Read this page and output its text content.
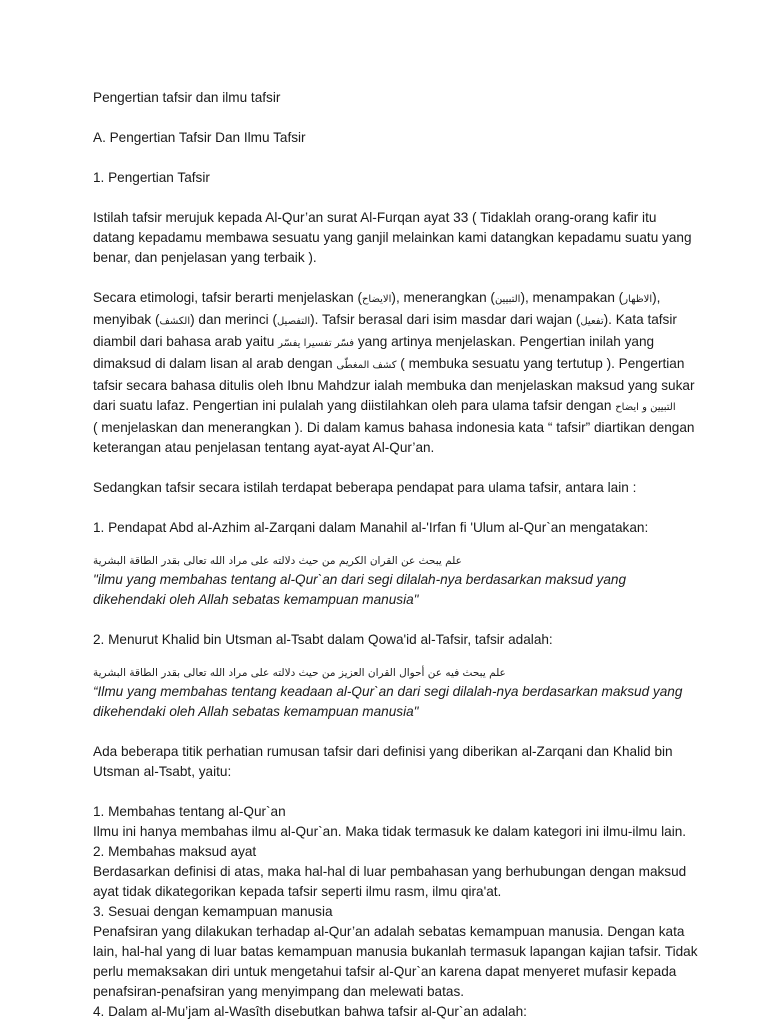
Pengertian tafsir dan ilmu tafsir

A. Pengertian Tafsir Dan Ilmu Tafsir

1. Pengertian Tafsir

Istilah tafsir merujuk kepada Al-Qur’an surat Al-Furqan ayat 33 ( Tidaklah orang-orang kafir itu
datang kepadamu membawa sesuatu yang ganjil melainkan kami datangkan kepadamu suatu yang
benar, dan penjelasan yang terbaik ).
Secara etimologi, tafsir berarti menjelaskan (الايضاح), menerangkan (التبيين), menampakan (الاظهار),
menyibak (الكشف) dan merinci (التفصيل). Tafsir berasal dari isim masdar dari wajan (تفعيل). Kata tafsir
diambil dari bahasa arab yaitu فسّر تفسيرا يفسّر yang artinya menjelaskan. Pengertian inilah yang
dimaksud di dalam lisan al arab dengan كشف المغطّى ( membuka sesuatu yang tertutup ). Pengertian
tafsir secara bahasa ditulis oleh Ibnu Mahdzur ialah membuka dan menjelaskan maksud yang sukar
dari suatu lafaz. Pengertian ini pulalah yang diistilahkan oleh para ulama tafsir dengan التبيين و ايضاح
( menjelaskan dan menerangkan ). Di dalam kamus bahasa indonesia kata “ tafsir” diartikan dengan
keterangan atau penjelasan tentang ayat-ayat Al-Qur’an.

Sedangkan tafsir secara istilah terdapat beberapa pendapat para ulama tafsir, antara lain :

1. Pendapat Abd al-Azhim al-Zarqani dalam Manahil al-'Irfan fi 'Ulum al-Qur`an mengatakan:

علم يبحث عن القران الكريم من حيث دلالته على مراد الله تعالى بقدر الطاقة البشرية

"ilmu yang membahas tentang al-Qur`an dari segi dilalah-nya berdasarkan maksud yang
dikehendaki oleh Allah sebatas kemampuan manusia"

2. Menurut Khalid bin Utsman al-Tsabt dalam Qowa'id al-Tafsir, tafsir adalah:

علم يبحث فيه عن أحوال القران العزيز من حيث دلالته على مراد الله تعالى بقدر الطاقة البشرية

“Ilmu yang membahas tentang keadaan al-Qur`an dari segi dilalah-nya berdasarkan maksud yang
dikehendaki oleh Allah sebatas kemampuan manusia"
Ada beberapa titik perhatian rumusan tafsir dari definisi yang diberikan al-Zarqani dan Khalid bin
Utsman al-Tsabt, yaitu:
1. Membahas tentang al-Qur`an
Ilmu ini hanya membahas ilmu al-Qur`an. Maka tidak termasuk ke dalam kategori ini ilmu-ilmu lain.
2. Membahas maksud ayat
Berdasarkan definisi di atas, maka hal-hal di luar pembahasan yang berhubungan dengan maksud
ayat tidak dikategorikan kepada tafsir seperti ilmu rasm, ilmu qira'at.
3. Sesuai dengan kemampuan manusia
Penafsiran yang dilakukan terhadap al-Qur’an adalah sebatas kemampuan manusia. Dengan kata
lain, hal-hal yang di luar batas kemampuan manusia bukanlah termasuk lapangan kajian tafsir. Tidak
perlu memaksakan diri untuk mengetahui tafsir al-Qur`an karena dapat menyeret mufasir kepada
penafsiran-penafsiran yang menyimpang dan melewati batas.
4. Dalam al-Mu’jam al-Wasîth disebutkan bahwa tafsir al-Qur`an adalah:
